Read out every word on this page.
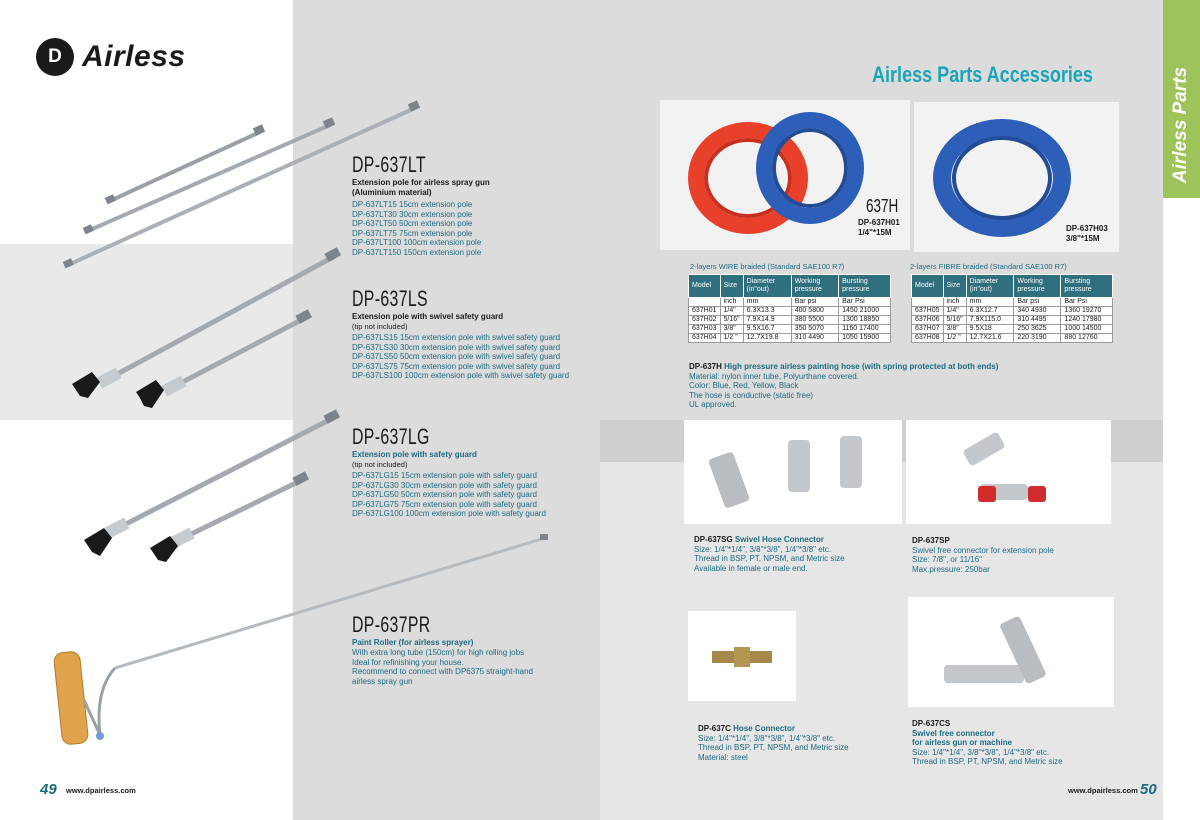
Airless Parts
D Airless
DP-637LT
Extension pole for airless spray gun
(Aluminium material)
DP-637LT15 15cm extension pole
DP-637LT30 30cm extension pole
DP-637LT50 50cm extension pole
DP-637LT75 75cm extension pole
DP-637LT100 100cm extension pole
DP-637LT150 150cm extension pole
DP-637LS
Extension pole with swivel safety guard
(tip not included)
DP-637LS15 15cm extension pole with swivel safety guard
DP-637LS30 30cm extension pole with swivel safety guard
DP-637LS50 50cm extension pole with swivel safety guard
DP-637LS75 75cm extension pole with swivel safety guard
DP-637LS100 100cm extension pole with swivel safety guard
DP-637LG
Extension pole with safety guard
(tip not included)
DP-637LG15 15cm extension pole with safety guard
DP-637LG30 30cm extension pole with safety guard
DP-637LG50 50cm extension pole with safety guard
DP-637LG75 75cm extension pole with safety guard
DP-637LG100 100cm extension pole with safety guard
DP-637PR
Paint Roller (for airless sprayer)
With extra long tube (150cm) for high rolling jobs
Ideal for refinishing your house.
Recommend to connect with DP6375 straight-hand
airless spray gun
49 www.dpairless.com
Airless Parts Accessories
637H
DP-637H01
1/4"*15M	DP-637H03
3/8"*15M
2-layers WIRE braided (Standard SAE100 R7)
Model	Size	Diameter (in"out)	Working pressure	Bursting pressure
	inch	mm	Bar psi	Bar Psi
637H01	1/4"	6.3X13.3	400 5800	1450 21000
637H02	5/16"	7.9X14.9	380 5500	1300 18850
637H03	3/8"	9.5X16.7	350 5070	1160 17400
637H04	1/2 "	12.7X19.8	310 4490	1050 15900
2-layers FIBRE braided (Standard SAE100 R7)
Model	Size	Diameter (in"out)	Working pressure	Bursting pressure
	inch	mm	Bar psi	Bar Psi
637H05	1/4"	6.3X12.7	340 4930	1360 19270
637H06	5/16"	7.9X115.0	310 4495	1240 17980
637H07	3/8"	9.5X18	250 3625	1000 14500
637H08	1/2 "	12.7X21.6	220 3190	880 12760
DP-637H High pressure airless painting hose (with spring protected at both ends)
Material: nylon inner tube, Polyurthane covered.
Color: Blue, Red, Yellow, Black
The hose is conductive (static free)
UL approved.
DP-637SG Swivel Hose Connector
Size: 1/4"*1/4", 3/8"*3/8", 1/4"*3/8" etc.
Thread in BSP, PT, NPSM, and Metric size
Available in female or male end.
DP-637SP
Swivel free connector for extension pole
Size: 7/8", or 11/16"
Max.pressure: 250bar
DP-637C Hose Connector
Size: 1/4"*1/4", 3/8"*3/8", 1/4"*3/8" etc.
Thread in BSP, PT, NPSM, and Metric size
Material: steel
DP-637CS
Swivel free connector
for airless gun or machine
Size: 1/4"*1/4", 3/8"*3/8", 1/4"*3/8" etc.
Thread in BSP, PT, NPSM, and Metric size
www.dpairless.com 50
